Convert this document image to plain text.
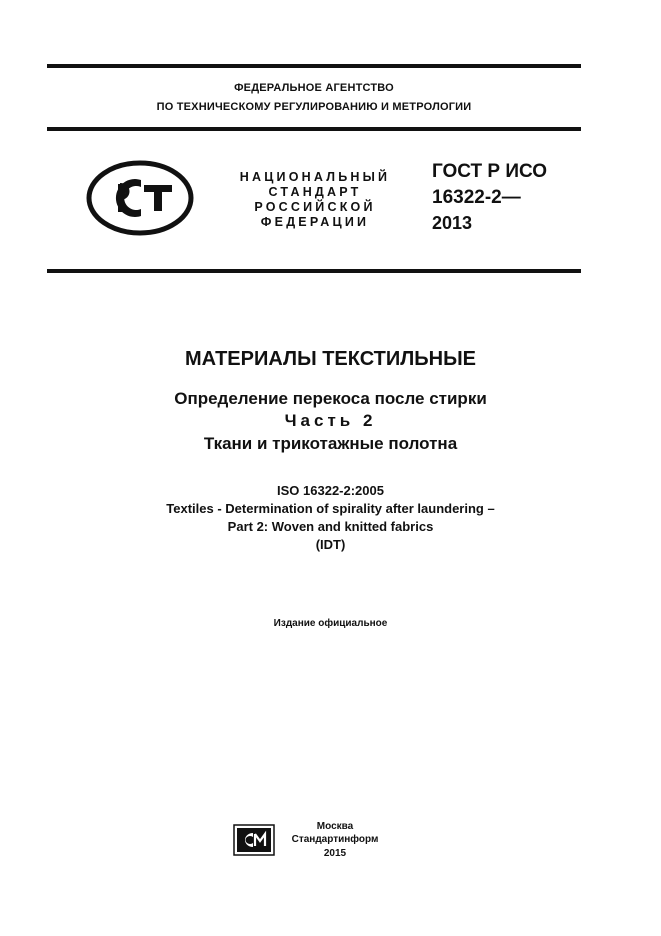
ФЕДЕРАЛЬНОЕ АГЕНТСТВО
ПО ТЕХНИЧЕСКОМУ РЕГУЛИРОВАНИЮ И МЕТРОЛОГИИ
НАЦИОНАЛЬНЫЙ
СТАНДАРТ
РОССИЙСКОЙ
ФЕДЕРАЦИИ
ГОСТ Р ИСО
16322-2—
2013
МАТЕРИАЛЫ ТЕКСТИЛЬНЫЕ
Определение перекоса после стирки
Часть 2
Ткани и трикотажные полотна
ISO 16322-2:2005
Textiles - Determination of spirality after laundering –
Part 2: Woven and knitted fabrics
(IDT)
Издание официальное
Москва
Стандартинформ
2015
